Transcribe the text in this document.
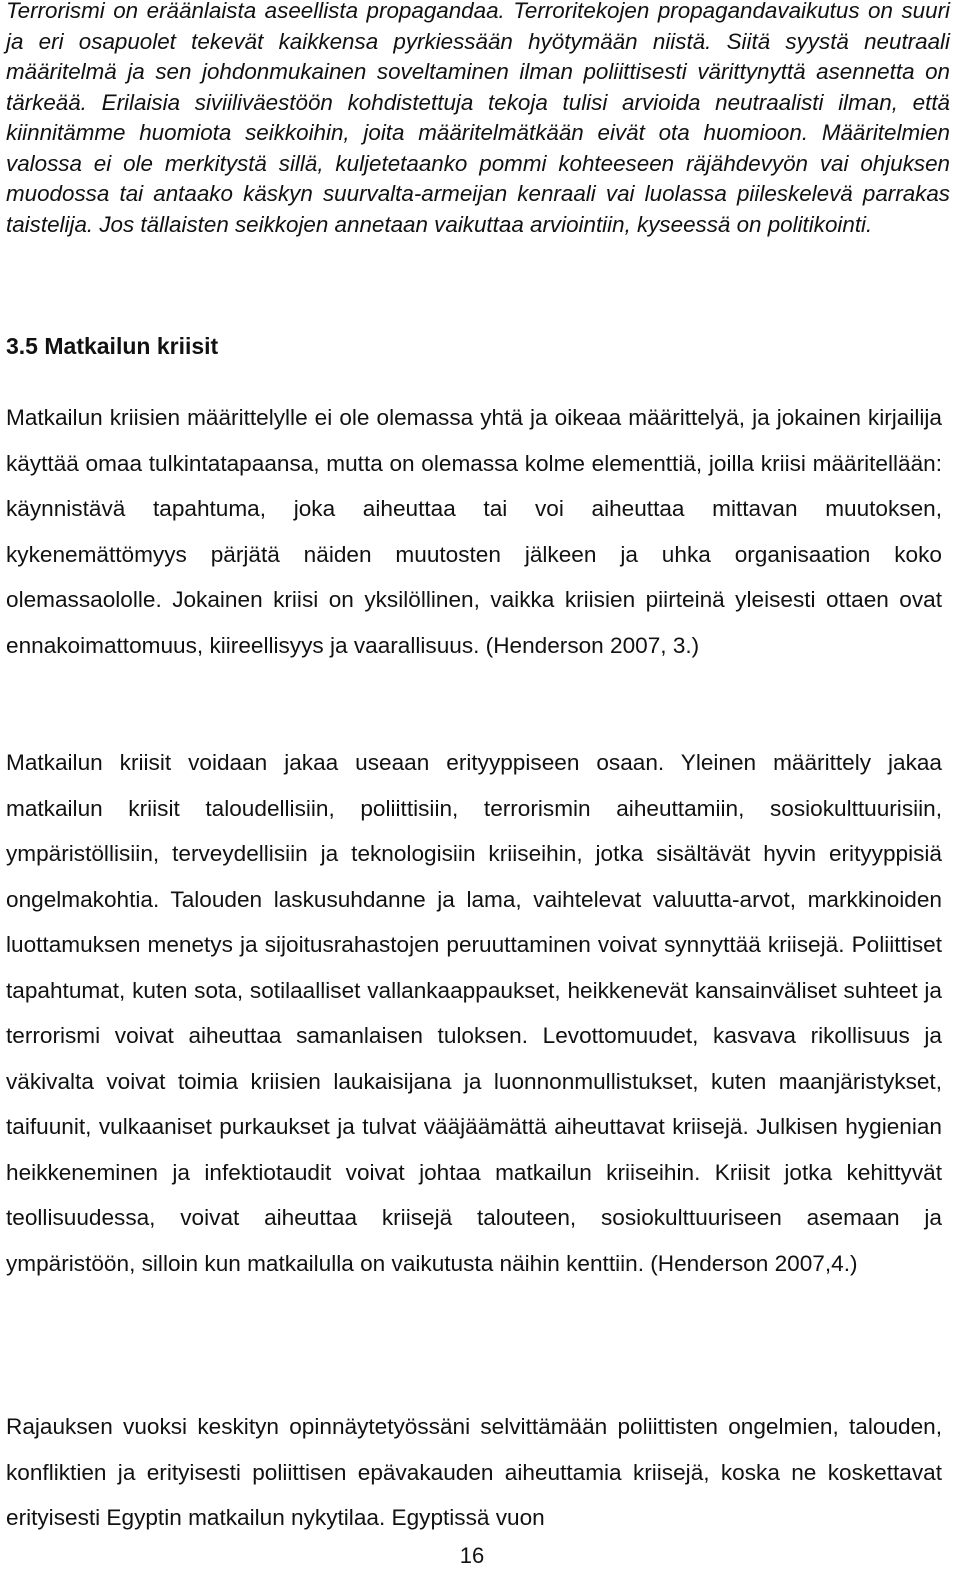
Terrorismi on eräänlaista aseellista propagandaa. Terroritekojen propagandavaikutus on suuri ja eri osapuolet tekevät kaikkensa pyrkiessään hyötymään niistä. Siitä syystä neutraali määritelmä ja sen johdonmukainen soveltaminen ilman poliittisesti värittynyttä asennetta on tärkeää. Erilaisia siviiliväestöön kohdistettuja tekoja tulisi arvioida neutraalisti ilman, että kiinnitämme huomiota seikkoihin, joita määritelmätkään eivät ota huomioon. Määritelmien valossa ei ole merkitystä sillä, kuljetetaanko pommi kohteeseen räjähdevyön vai ohjuksen muodossa tai antaako käskyn suurvalta-armeijan kenraali vai luolassa piileskelevä parrakas taistelija. Jos tällaisten seikkojen annetaan vaikuttaa arviointiin, kyseessä on politikointi.

3.5 Matkailun kriisit

Matkailun kriisien määrittelylle ei ole olemassa yhtä ja oikeaa määrittelyä, ja jokainen kirjailija käyttää omaa tulkintatapaansa, mutta on olemassa kolme elementtiä, joilla kriisi määritellään: käynnistävä tapahtuma, joka aiheuttaa tai voi aiheuttaa mittavan muutoksen, kykenemättömyys pärjätä näiden muutosten jälkeen ja uhka organisaation koko olemassaololle. Jokainen kriisi on yksilöllinen, vaikka kriisien piirteinä yleisesti ottaen ovat ennakoimattomuus, kiireellisyys ja vaarallisuus. (Henderson 2007, 3.)

Matkailun kriisit voidaan jakaa useaan erityyppiseen osaan. Yleinen määrittely jakaa matkailun kriisit taloudellisiin, poliittisiin, terrorismin aiheuttamiin, sosiokulttuurisiin, ympäristöllisiin, terveydellisiin ja teknologisiin kriiseihin, jotka sisältävät hyvin erityyppisiä ongelmakohtia. Talouden laskusuhdanne ja lama, vaihtelevat valuutta-arvot, markkinoiden luottamuksen menetys ja sijoitusrahastojen peruuttaminen voivat synnyttää kriisejä. Poliittiset tapahtumat, kuten sota, sotilaalliset vallankaappaukset, heikkenevät kansainväliset suhteet ja terrorismi voivat aiheuttaa samanlaisen tuloksen. Levottomuudet, kasvava rikollisuus ja väkivalta voivat toimia kriisien laukaisijana ja luonnonmullistukset, kuten maanjäristykset, taifuunit, vulkaaniset purkaukset ja tulvat vääjäämättä aiheuttavat kriisejä. Julkisen hygienian heikkeneminen ja infektiotaudit voivat johtaa matkailun kriiseihin. Kriisit jotka kehittyvät teollisuudessa, voivat aiheuttaa kriisejä talouteen, sosiokulttuuriseen asemaan ja ympäristöön, silloin kun matkailulla on vaikutusta näihin kenttiin. (Henderson 2007,4.)

Rajauksen vuoksi keskityn opinnäytetyössäni selvittämään poliittisten ongelmien, talouden, konfliktien ja erityisesti poliittisen epävakauden aiheuttamia kriisejä, koska ne koskettavat erityisesti Egyptin matkailun nykytilaa. Egyptissä vuon

16
